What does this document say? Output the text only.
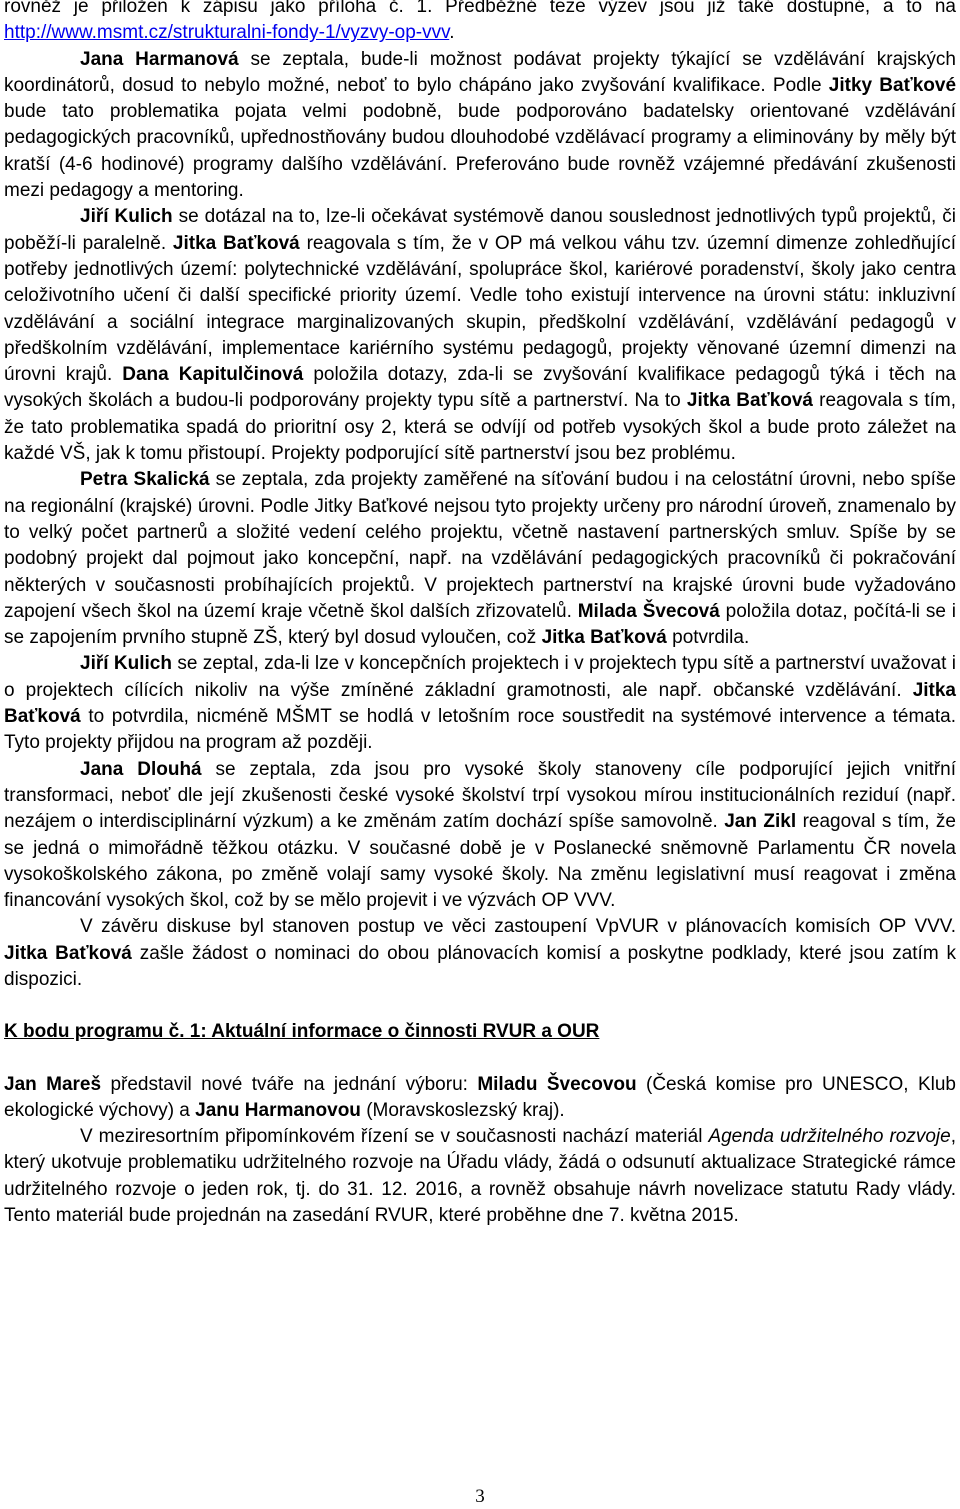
rovněž je přiložen k zápisu jako příloha č. 1. Předběžné teze výzev jsou již také dostupné, a to na http://www.msmt.cz/strukturalni-fondy-1/vyzvy-op-vvv.

Jana Harmanová se zeptala, bude-li možnost podávat projekty týkající se vzdělávání krajských koordinátorů, dosud to nebylo možné, neboť to bylo chápáno jako zvyšování kvalifikace. Podle Jitky Baťkové bude tato problematika pojata velmi podobně, bude podporováno badatelsky orientované vzdělávání pedagogických pracovníků, upřednostňovány budou dlouhodobé vzdělávací programy a eliminovány by měly být kratší (4-6 hodinové) programy dalšího vzdělávání. Preferováno bude rovněž vzájemné předávání zkušenosti mezi pedagogy a mentoring.

Jiří Kulich se dotázal na to, lze-li očekávat systémově danou souslednost jednotlivých typů projektů, či poběží-li paralelně. Jitka Baťková reagovala s tím, že v OP má velkou váhu tzv. územní dimenze zohledňující potřeby jednotlivých území: polytechnické vzdělávání, spolupráce škol, kariérové poradenství, školy jako centra celoživotního učení či další specifické priority území. Vedle toho existují intervence na úrovni státu: inkluzivní vzdělávání a sociální integrace marginalizovaných skupin, předškolní vzdělávání, vzdělávání pedagogů v předškolním vzdělávání, implementace kariérního systému pedagogů, projekty věnované územní dimenzi na úrovni krajů. Dana Kapitulčinová položila dotazy, zda-li se zvyšování kvalifikace pedagogů týká i těch na vysokých školách a budou-li podporovány projekty typu sítě a partnerství. Na to Jitka Baťková reagovala s tím, že tato problematika spadá do prioritní osy 2, která se odvíjí od potřeb vysokých škol a bude proto záležet na každé VŠ, jak k tomu přistoupí. Projekty podporující sítě partnerství jsou bez problému.

Petra Skalická se zeptala, zda projekty zaměřené na síťování budou i na celostátní úrovni, nebo spíše na regionální (krajské) úrovni. Podle Jitky Baťkové nejsou tyto projekty určeny pro národní úroveň, znamenalo by to velký počet partnerů a složité vedení celého projektu, včetně nastavení partnerských smluv. Spíše by se podobný projekt dal pojmout jako koncepční, např. na vzdělávání pedagogických pracovníků či pokračování některých v současnosti probíhajících projektů. V projektech partnerství na krajské úrovni bude vyžadováno zapojení všech škol na území kraje včetně škol dalších zřizovatelů. Milada Švecová položila dotaz, počítá-li se i se zapojením prvního stupně ZŠ, který byl dosud vyloučen, což Jitka Baťková potvrdila.

Jiří Kulich se zeptal, zda-li lze v koncepčních projektech i v projektech typu sítě a partnerství uvažovat i o projektech cílících nikoliv na výše zmíněné základní gramotnosti, ale např. občanské vzdělávání. Jitka Baťková to potvrdila, nicméně MŠMT se hodlá v letošním roce soustředit na systémové intervence a témata. Tyto projekty přijdou na program až později.

Jana Dlouhá se zeptala, zda jsou pro vysoké školy stanoveny cíle podporující jejich vnitřní transformaci, neboť dle její zkušenosti české vysoké školství trpí vysokou mírou institucionálních reziduí (např. nezájem o interdisciplinární výzkum) a ke změnám zatím dochází spíše samovolně. Jan Zikl reagoval s tím, že se jedná o mimořádně těžkou otázku. V současné době je v Poslanecké sněmovně Parlamentu ČR novela vysokoškolského zákona, po změně volají samy vysoké školy. Na změnu legislativní musí reagovat i změna financování vysokých škol, což by se mělo projevit i ve výzvách OP VVV.

V závěru diskuse byl stanoven postup ve věci zastoupení VpVUR v plánovacích komisích OP VVV. Jitka Baťková zašle žádost o nominaci do obou plánovacích komisí a poskytne podklady, které jsou zatím k dispozici.

K bodu programu č. 1: Aktuální informace o činnosti RVUR a OUR

Jan Mareš představil nové tváře na jednání výboru: Miladu Švecovou (Česká komise pro UNESCO, Klub ekologické výchovy) a Janu Harmanovou (Moravskoslezský kraj).

V meziresortním připomínkovém řízení se v současnosti nachází materiál Agenda udržitelného rozvoje, který ukotvuje problematiku udržitelného rozvoje na Úřadu vlády, žádá o odsunutí aktualizace Strategické rámce udržitelného rozvoje o jeden rok, tj. do 31. 12. 2016, a rovněž obsahuje návrh novelizace statutu Rady vlády. Tento materiál bude projednán na zasedání RVUR, které proběhne dne 7. května 2015.

3
